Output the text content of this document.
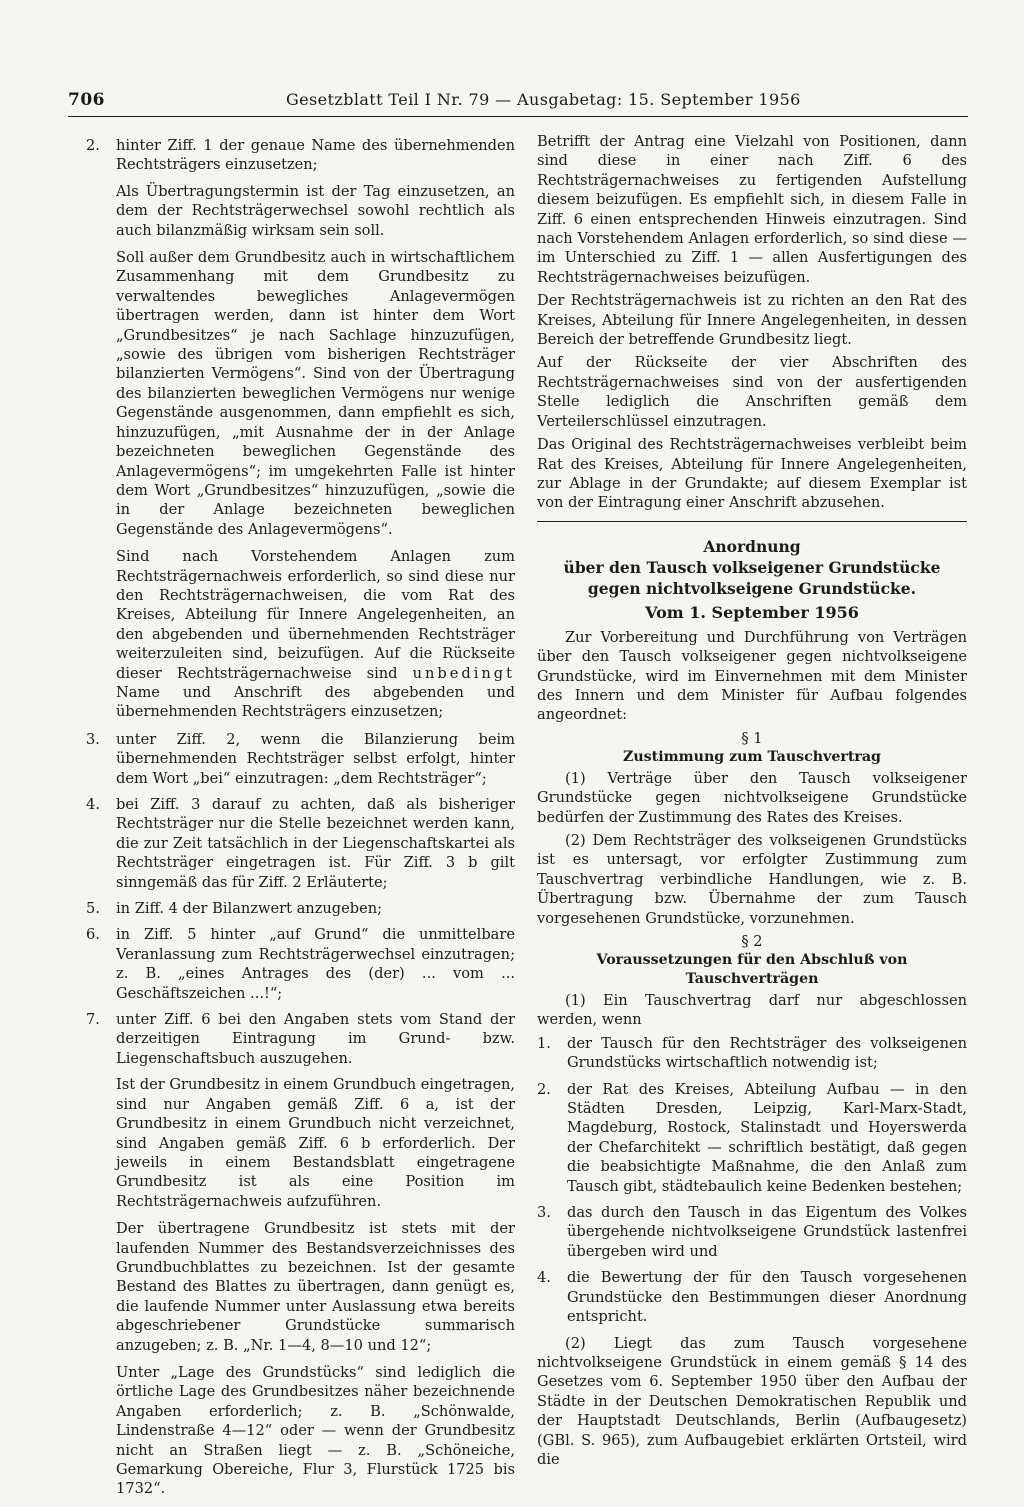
706	Gesetzblatt Teil I Nr. 79 — Ausgabetag: 15. September 1956
2.	hinter Ziff. 1 der genaue Name des übernehmenden Rechtsträgers einzusetzen;

Als Übertragungstermin ist der Tag einzusetzen, an dem der Rechtsträgerwechsel sowohl rechtlich als auch bilanzmäßig wirksam sein soll.

Soll außer dem Grundbesitz auch in wirtschaftlichem Zusammenhang mit dem Grundbesitz zu verwaltendes bewegliches Anlagevermögen übertragen werden, dann ist hinter dem Wort „Grundbesitzes“ je nach Sachlage hinzuzufügen, „sowie des übrigen vom bisherigen Rechtsträger bilanzierten Vermögens“. Sind von der Übertragung des bilanzierten beweglichen Vermögens nur wenige Gegenstände ausgenommen, dann empfiehlt es sich, hinzuzufügen, „mit Ausnahme der in der Anlage bezeichneten beweglichen Gegenstände des Anlagevermögens“; im umgekehrten Falle ist hinter dem Wort „Grundbesitzes“ hinzuzufügen, „sowie die in der Anlage bezeichneten beweglichen Gegenstände des Anlagevermögens“.

Sind nach Vorstehendem Anlagen zum Rechtsträgernachweis erforderlich, so sind diese nur den Rechtsträgernachweisen, die vom Rat des Kreises, Abteilung für Innere Angelegenheiten, an den abgebenden und übernehmenden Rechtsträger weiterzuleiten sind, beizufügen. Auf die Rückseite dieser Rechtsträgernachweise sind unbedingt Name und Anschrift des abgebenden und übernehmenden Rechtsträgers einzusetzen;

3.	unter Ziff. 2, wenn die Bilanzierung beim übernehmenden Rechtsträger selbst erfolgt, hinter dem Wort „bei“ einzutragen: „dem Rechtsträger“;
4.	bei Ziff. 3 darauf zu achten, daß als bisheriger Rechtsträger nur die Stelle bezeichnet werden kann, die zur Zeit tatsächlich in der Liegenschaftskartei als Rechtsträger eingetragen ist. Für Ziff. 3 b gilt sinngemäß das für Ziff. 2 Erläuterte;
5.	in Ziff. 4 der Bilanzwert anzugeben;
6.	in Ziff. 5 hinter „auf Grund“ die unmittelbare Veranlassung zum Rechtsträgerwechsel einzutragen; z. B. „eines Antrages des (der) ... vom ... Geschäftszeichen ...!“;
7.	unter Ziff. 6 bei den Angaben stets vom Stand der derzeitigen Eintragung im Grund- bzw. Liegenschaftsbuch auszugehen.

Ist der Grundbesitz in einem Grundbuch eingetragen, sind nur Angaben gemäß Ziff. 6 a, ist der Grundbesitz in einem Grundbuch nicht verzeichnet, sind Angaben gemäß Ziff. 6 b erforderlich. Der jeweils in einem Bestandsblatt eingetragene Grundbesitz ist als eine Position im Rechtsträgernachweis aufzuführen.

Der übertragene Grundbesitz ist stets mit der laufenden Nummer des Bestandsverzeichnisses des Grundbuchblattes zu bezeichnen. Ist der gesamte Bestand des Blattes zu übertragen, dann genügt es, die laufende Nummer unter Auslassung etwa bereits abgeschriebener Grundstücke summarisch anzugeben; z. B. „Nr. 1—4, 8—10 und 12“;

Unter „Lage des Grundstücks“ sind lediglich die örtliche Lage des Grundbesitzes näher bezeichnende Angaben erforderlich; z. B. „Schönwalde, Lindenstraße 4—12“ oder — wenn der Grundbesitz nicht an Straßen liegt — z. B. „Schöneiche, Gemarkung Obereiche, Flur 3, Flurstück 1725 bis 1732“.

Betrifft der Antrag eine Vielzahl von Positionen, dann sind diese in einer nach Ziff. 6 des Rechtsträgernachweises zu fertigenden Aufstellung diesem beizufügen. Es empfiehlt sich, in diesem Falle in Ziff. 6 einen entsprechenden Hinweis einzutragen. Sind nach Vorstehendem Anlagen erforderlich, so sind diese — im Unterschied zu Ziff. 1 — allen Ausfertigungen des Rechtsträgernachweises beizufügen.

Der Rechtsträgernachweis ist zu richten an den Rat des Kreises, Abteilung für Innere Angelegenheiten, in dessen Bereich der betreffende Grundbesitz liegt.

Auf der Rückseite der vier Abschriften des Rechtsträgernachweises sind von der ausfertigenden Stelle lediglich die Anschriften gemäß dem Verteilerschlüssel einzutragen.

Das Original des Rechtsträgernachweises verbleibt beim Rat des Kreises, Abteilung für Innere Angelegenheiten, zur Ablage in der Grundakte; auf diesem Exemplar ist von der Eintragung einer Anschrift abzusehen.

Anordnung

über den Tausch volkseigener Grundstücke

gegen nichtvolkseigene Grundstücke.

Vom 1. September 1956

Zur Vorbereitung und Durchführung von Verträgen über den Tausch volkseigener gegen nichtvolkseigene Grundstücke, wird im Einvernehmen mit dem Minister des Innern und dem Minister für Aufbau folgendes angeordnet:

§ 1

Zustimmung zum Tauschvertrag

(1) Verträge über den Tausch volkseigener Grundstücke gegen nichtvolkseigene Grundstücke bedürfen der Zustimmung des Rates des Kreises.

(2) Dem Rechtsträger des volkseigenen Grundstücks ist es untersagt, vor erfolgter Zustimmung zum Tauschvertrag verbindliche Handlungen, wie z. B. Übertragung bzw. Übernahme der zum Tausch vorgesehenen Grundstücke, vorzunehmen.

§ 2

Voraussetzungen für den Abschluß von Tauschverträgen

(1) Ein Tauschvertrag darf nur abgeschlossen werden, wenn

1.	der Tausch für den Rechtsträger des volkseigenen Grundstücks wirtschaftlich notwendig ist;
2.	der Rat des Kreises, Abteilung Aufbau — in den Städten Dresden, Leipzig, Karl-Marx-Stadt, Magdeburg, Rostock, Stalinstadt und Hoyerswerda der Chefarchitekt — schriftlich bestätigt, daß gegen die beabsichtigte Maßnahme, die den Anlaß zum Tausch gibt, städtebaulich keine Bedenken bestehen;
3.	das durch den Tausch in das Eigentum des Volkes übergehende nichtvolkseigene Grundstück lastenfrei übergeben wird und
4.	die Bewertung der für den Tausch vorgesehenen Grundstücke den Bestimmungen dieser Anordnung entspricht.

(2) Liegt das zum Tausch vorgesehene nichtvolkseigene Grundstück in einem gemäß § 14 des Gesetzes vom 6. September 1950 über den Aufbau der Städte in der Deutschen Demokratischen Republik und der Hauptstadt Deutschlands, Berlin (Aufbaugesetz) (GBl. S. 965), zum Aufbaugebiet erklärten Ortsteil, wird die
